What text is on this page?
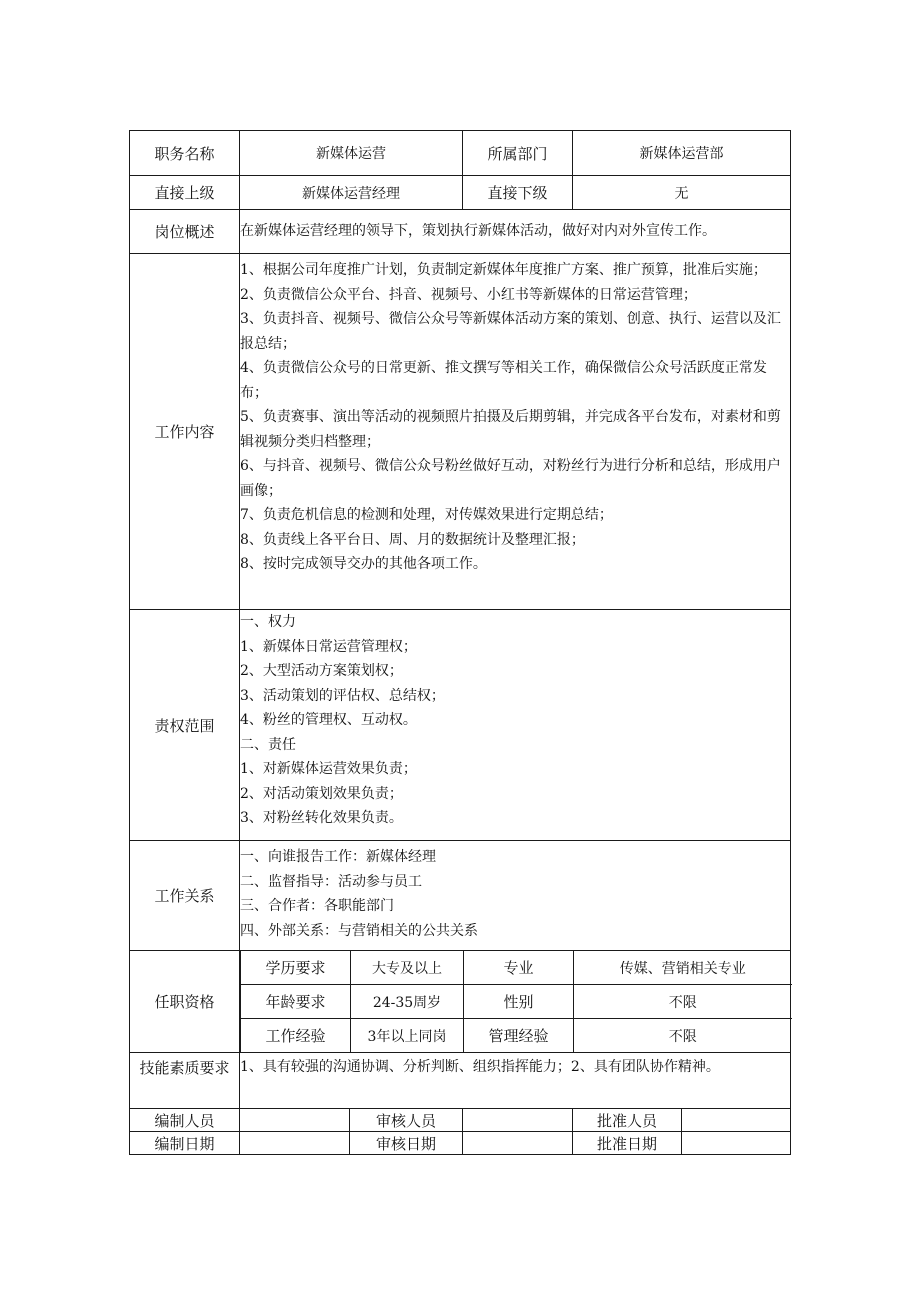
职务名称	新媒体运营	所属部门	新媒体运营部
直接上级	新媒体运营经理	直接下级	无
岗位概述	在新媒体运营经理的领导下，策划执行新媒体活动，做好对内对外宣传工作。
工作内容	
1、根据公司年度推广计划，负责制定新媒体年度推广方案、推广预算，批准后实施；
2、负责微信公众平台、抖音、视频号、小红书等新媒体的日常运营管理；
3、负责抖音、视频号、微信公众号等新媒体活动方案的策划、创意、执行、运营以及汇报总结；
4、负责微信公众号的日常更新、推文撰写等相关工作，确保微信公众号活跃度正常发布；
5、负责赛事、演出等活动的视频照片拍摄及后期剪辑，并完成各平台发布，对素材和剪辑视频分类归档整理；
6、与抖音、视频号、微信公众号粉丝做好互动，对粉丝行为进行分析和总结，形成用户画像；
7、负责危机信息的检测和处理，对传媒效果进行定期总结；
8、负责线上各平台日、周、月的数据统计及整理汇报；
8、按时完成领导交办的其他各项工作。

责权范围	
一、权力
1、新媒体日常运营管理权；
2、大型活动方案策划权；
3、活动策划的评估权、总结权；
4、粉丝的管理权、互动权。
二、责任
1、对新媒体运营效果负责；
2、对活动策划效果负责；
3、对粉丝转化效果负责。

工作关系	
一、向谁报告工作：新媒体经理
二、监督指导：活动参与员工
三、合作者：各职能部门
四、外部关系：与营销相关的公共关系

任职资格	
学历要求	大专及以上	专业	传媒、营销相关专业
年龄要求	24-35周岁	性别	不限
工作经验	3年以上同岗	管理经验	不限

技能素质要求	1、具有较强的沟通协调、分析判断、组织指挥能力；2、具有团队协作精神。
编制人员		审核人员		批准人员	
编制日期		审核日期		批准日期	
